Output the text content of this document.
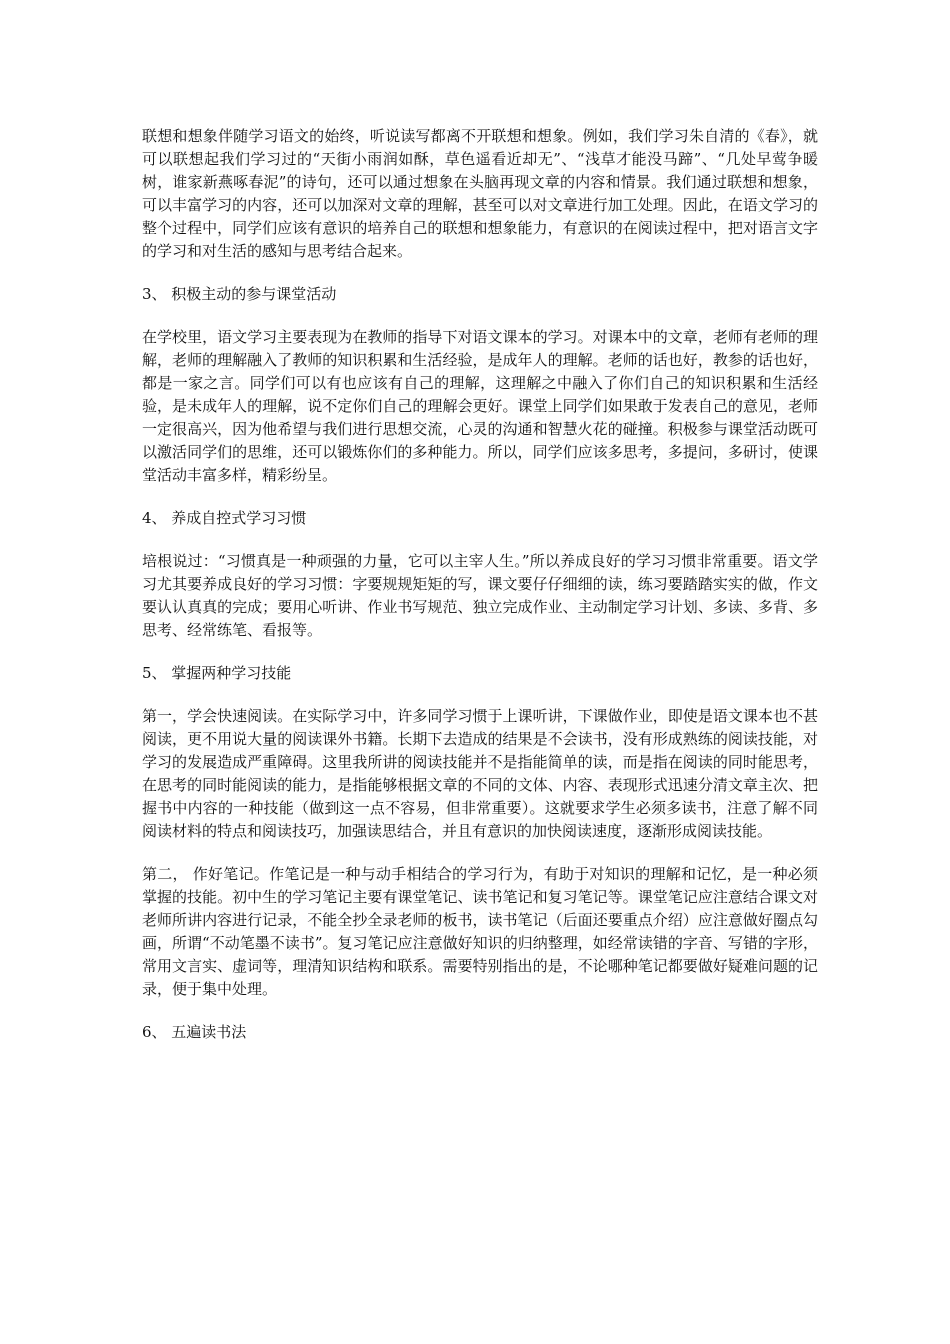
联想和想象伴随学习语文的始终，听说读写都离不开联想和想象。例如，我们学习朱自清的《春》，就可以联想起我们学习过的“天街小雨润如酥，草色遥看近却无”、“浅草才能没马蹄”、“几处早莺争暖树，谁家新燕啄春泥”的诗句，还可以通过想象在头脑再现文章的内容和情景。我们通过联想和想象，可以丰富学习的内容，还可以加深对文章的理解，甚至可以对文章进行加工处理。因此，在语文学习的整个过程中，同学们应该有意识的培养自己的联想和想象能力，有意识的在阅读过程中，把对语言文字的学习和对生活的感知与思考结合起来。

3、 积极主动的参与课堂活动

在学校里，语文学习主要表现为在教师的指导下对语文课本的学习。对课本中的文章，老师有老师的理解，老师的理解融入了教师的知识积累和生活经验，是成年人的理解。老师的话也好，教参的话也好，都是一家之言。同学们可以有也应该有自己的理解，这理解之中融入了你们自己的知识积累和生活经验，是未成年人的理解，说不定你们自己的理解会更好。课堂上同学们如果敢于发表自己的意见，老师一定很高兴，因为他希望与我们进行思想交流，心灵的沟通和智慧火花的碰撞。积极参与课堂活动既可以激活同学们的思维，还可以锻炼你们的多种能力。所以，同学们应该多思考，多提问，多研讨，使课堂活动丰富多样，精彩纷呈。

4、 养成自控式学习习惯

培根说过：“习惯真是一种顽强的力量，它可以主宰人生。”所以养成良好的学习习惯非常重要。语文学习尤其要养成良好的学习习惯：字要规规矩矩的写，课文要仔仔细细的读，练习要踏踏实实的做，作文要认认真真的完成；要用心听讲、作业书写规范、独立完成作业、主动制定学习计划、多读、多背、多思考、经常练笔、看报等。

5、 掌握两种学习技能

第一，学会快速阅读。在实际学习中，许多同学习惯于上课听讲，下课做作业，即使是语文课本也不甚阅读，更不用说大量的阅读课外书籍。长期下去造成的结果是不会读书，没有形成熟练的阅读技能，对学习的发展造成严重障碍。这里我所讲的阅读技能并不是指能简单的读，而是指在阅读的同时能思考，在思考的同时能阅读的能力，是指能够根据文章的不同的文体、内容、表现形式迅速分清文章主次、把握书中内容的一种技能（做到这一点不容易，但非常重要）。这就要求学生必须多读书，注意了解不同阅读材料的特点和阅读技巧，加强读思结合，并且有意识的加快阅读速度，逐渐形成阅读技能。

第二， 作好笔记。作笔记是一种与动手相结合的学习行为，有助于对知识的理解和记忆，是一种必须掌握的技能。初中生的学习笔记主要有课堂笔记、读书笔记和复习笔记等。课堂笔记应注意结合课文对老师所讲内容进行记录，不能全抄全录老师的板书，读书笔记（后面还要重点介绍）应注意做好圈点勾画，所谓“不动笔墨不读书”。复习笔记应注意做好知识的归纳整理，如经常读错的字音、写错的字形，常用文言实、虚词等，理清知识结构和联系。需要特别指出的是，不论哪种笔记都要做好疑难问题的记录，便于集中处理。

6、 五遍读书法
